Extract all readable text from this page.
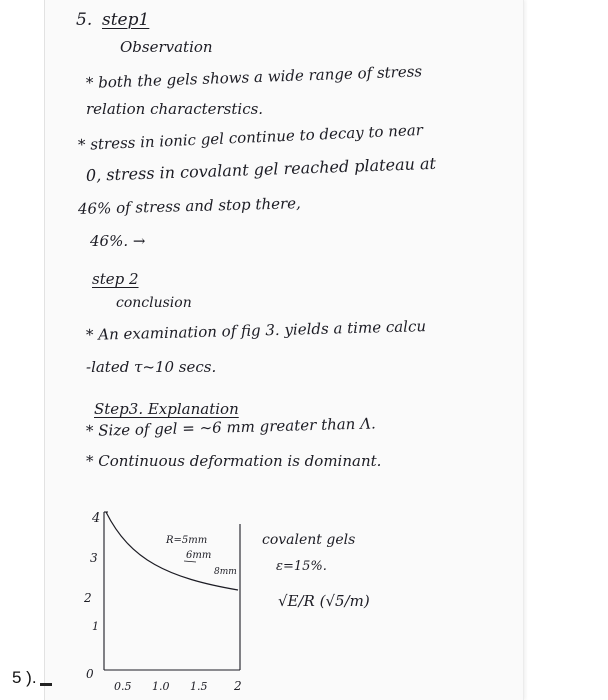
5. step1
Observation
* both the gels shows a wide range of stress
relation characterstics.
* stress in ionic gel continue to decay to near
0, stress in covalant gel reached plateau at
46% of stress and stop there,
46%. →
step 2
conclusion
* An examination of fig 3. yields a time calcu
-lated τ~10 secs.
Step3. Explanation
* Size of gel = ~6 mm greater than Λ.
* Continuous deformation is dominant.
4
3
2
1
0
0.5 1.0 1.5 2
R=5mm
6mm
8mm
covalent gels
ε=15%.
√E/R (√5/m)
5 ).
